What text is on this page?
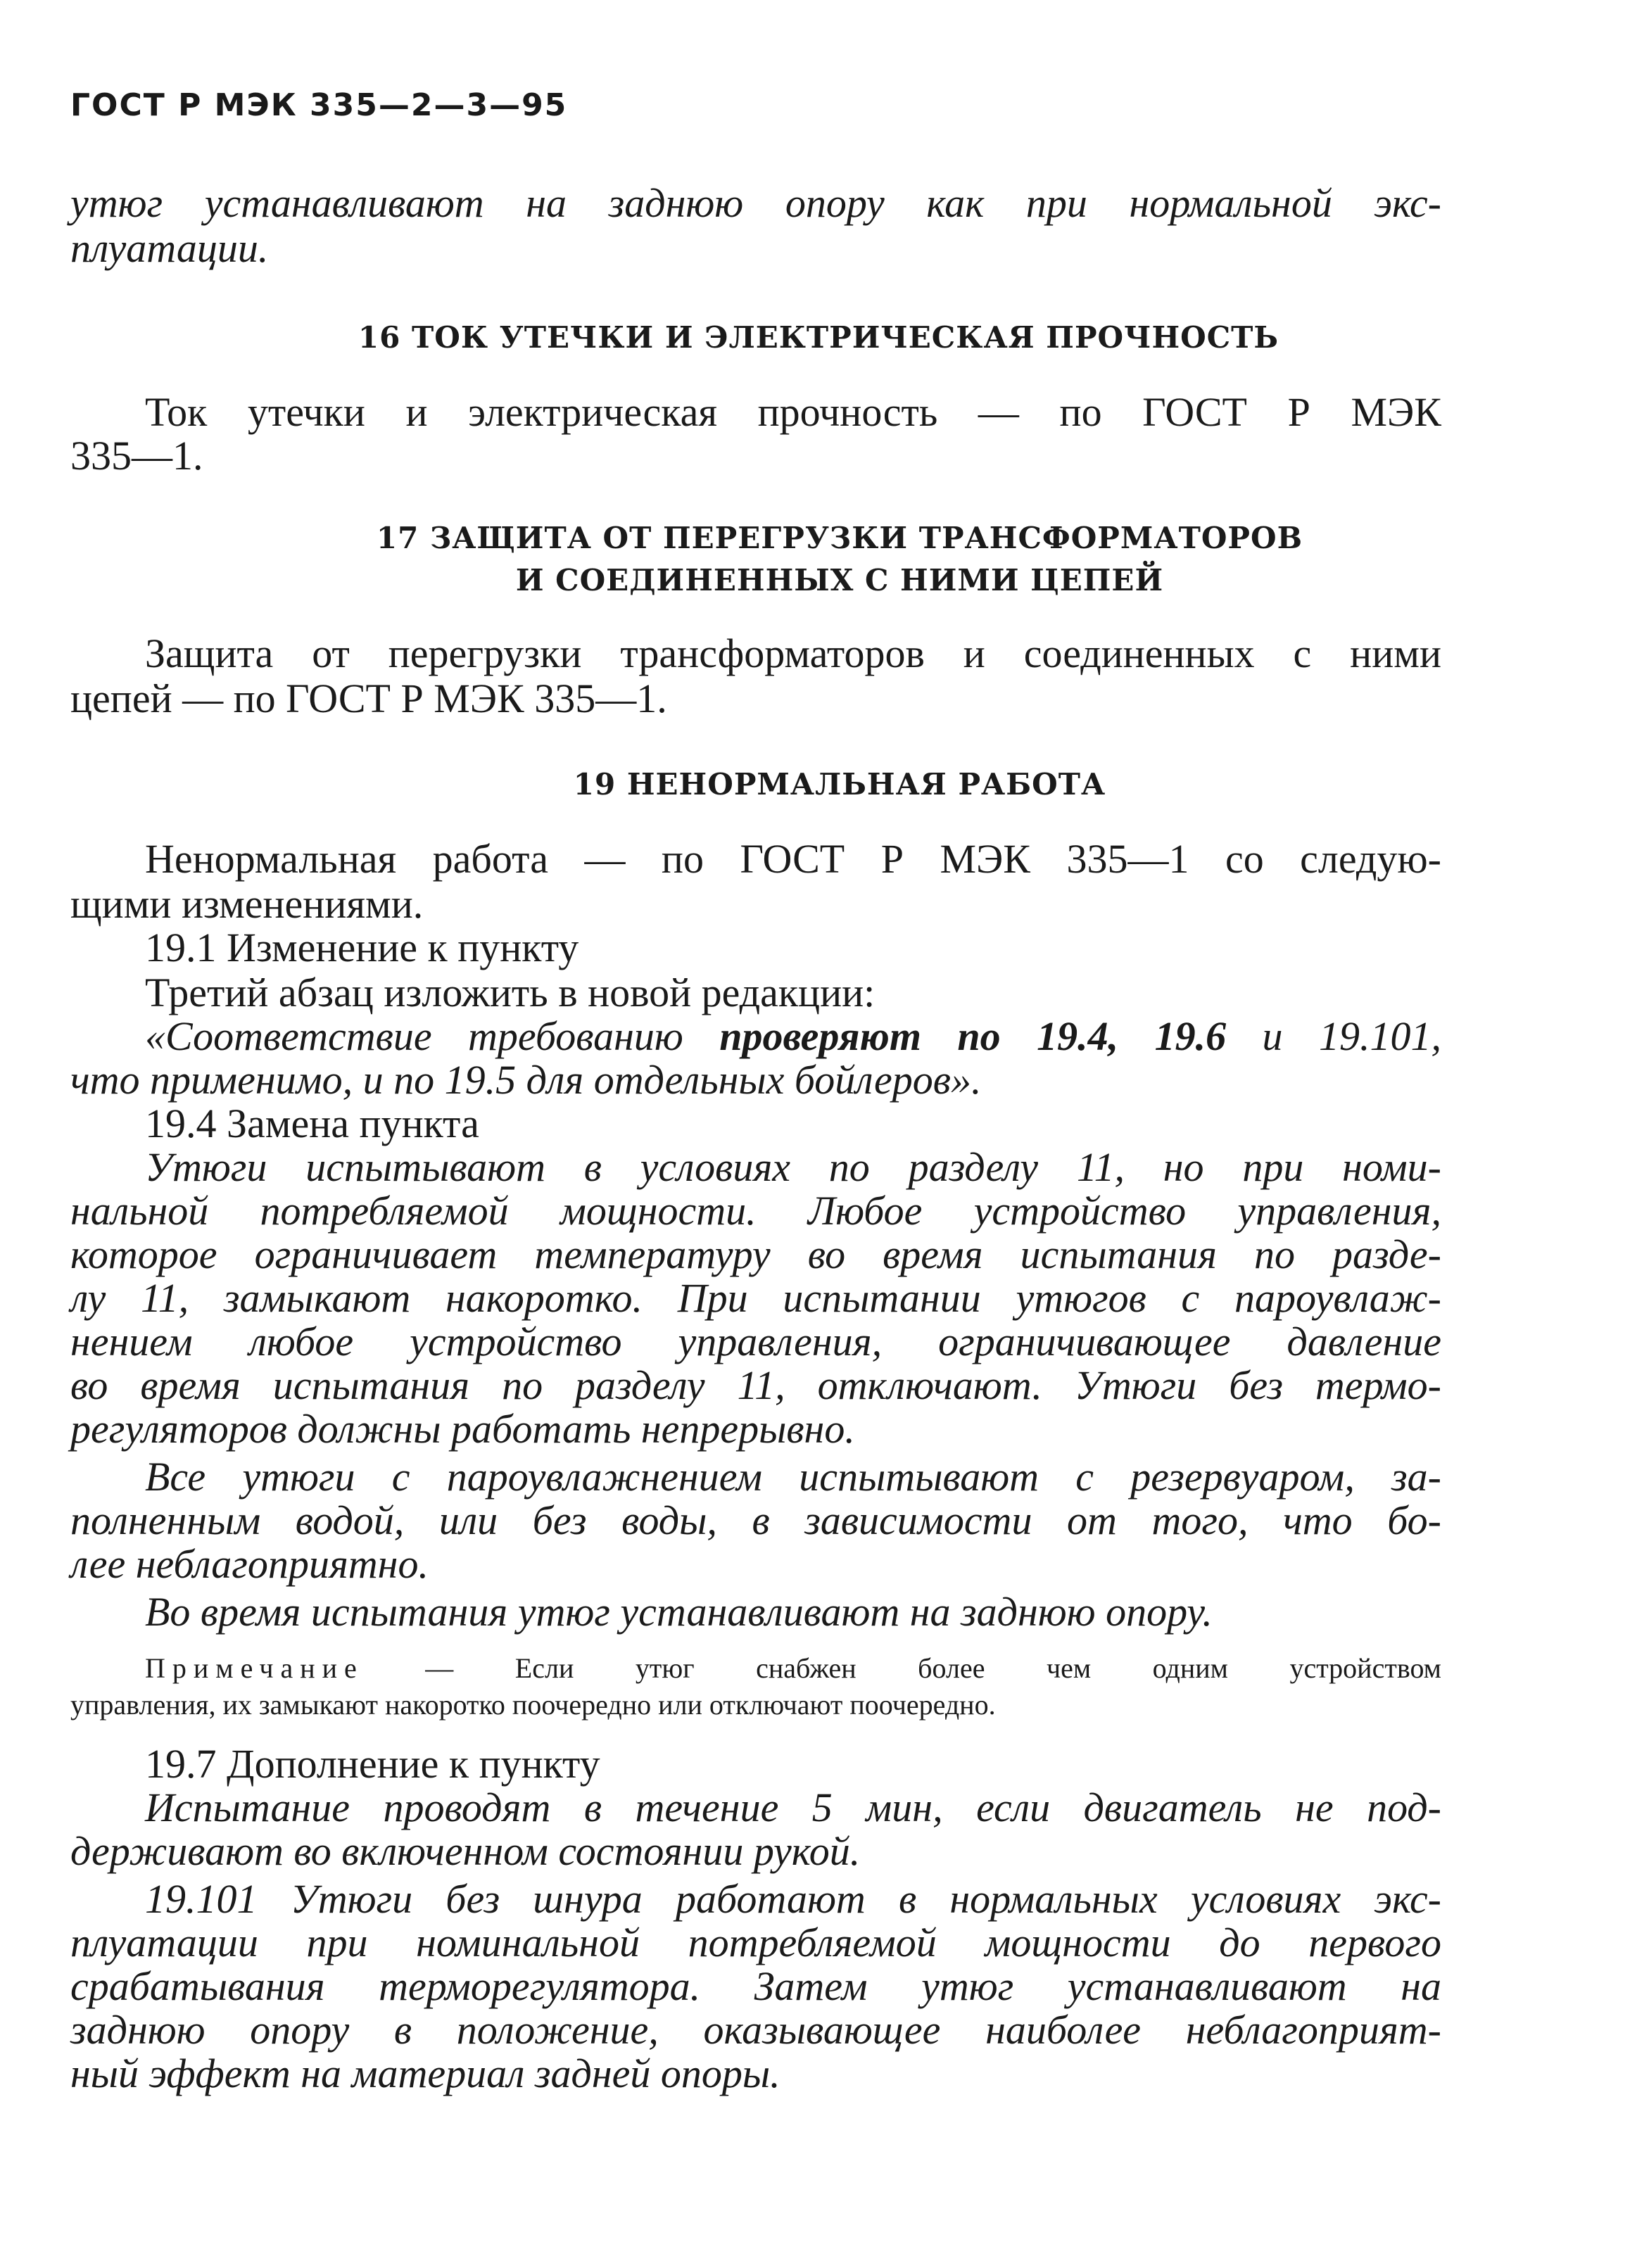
ГОСТ Р МЭК 335—2—3—95
утюг устанавливают на заднюю опору как при нормальной экс-
плуатации.
16 ТОК УТЕЧКИ И ЭЛЕКТРИЧЕСКАЯ ПРОЧНОСТЬ
Ток утечки и электрическая прочность — по ГОСТ Р МЭК
335—1.
17 ЗАЩИТА ОТ ПЕРЕГРУЗКИ ТРАНСФОРМАТОРОВ
И СОЕДИНЕННЫХ С НИМИ ЦЕПЕЙ
Защита от перегрузки трансформаторов и соединенных с ними
цепей — по ГОСТ Р МЭК 335—1.
19 НЕНОРМАЛЬНАЯ РАБОТА
Ненормальная работа — по ГОСТ Р МЭК 335—1 со следую-
щими изменениями.
19.1 Изменение к пункту
Третий абзац изложить в новой редакции:
«Соответствие требованию проверяют по 19.4, 19.6 и 19.101,
что применимо, и по 19.5 для отдельных бойлеров».
19.4 Замена пункта
Утюги испытывают в условиях по разделу 11, но при номи-
нальной потребляемой мощности. Любое устройство управления,
которое ограничивает температуру во время испытания по разде-
лу 11, замыкают накоротко. При испытании утюгов с пароувлаж-
нением любое устройство управления, ограничивающее давление
во время испытания по разделу 11, отключают. Утюги без термо-
регуляторов должны работать непрерывно.
Все утюги с пароувлажнением испытывают с резервуаром, за-
полненным водой, или без воды, в зависимости от того, что бо-
лее неблагоприятно.
Во время испытания утюг устанавливают на заднюю опору.
Примечание — Если утюг снабжен более чем одним устройством
управления, их замыкают накоротко поочередно или отключают поочередно.
19.7 Дополнение к пункту
Испытание проводят в течение 5 мин, если двигатель не под-
держивают во включенном состоянии рукой.
19.101 Утюги без шнура работают в нормальных условиях экс-
плуатации при номинальной потребляемой мощности до первого
срабатывания терморегулятора. Затем утюг устанавливают на
заднюю опору в положение, оказывающее наиболее неблагоприят-
ный эффект на материал задней опоры.
